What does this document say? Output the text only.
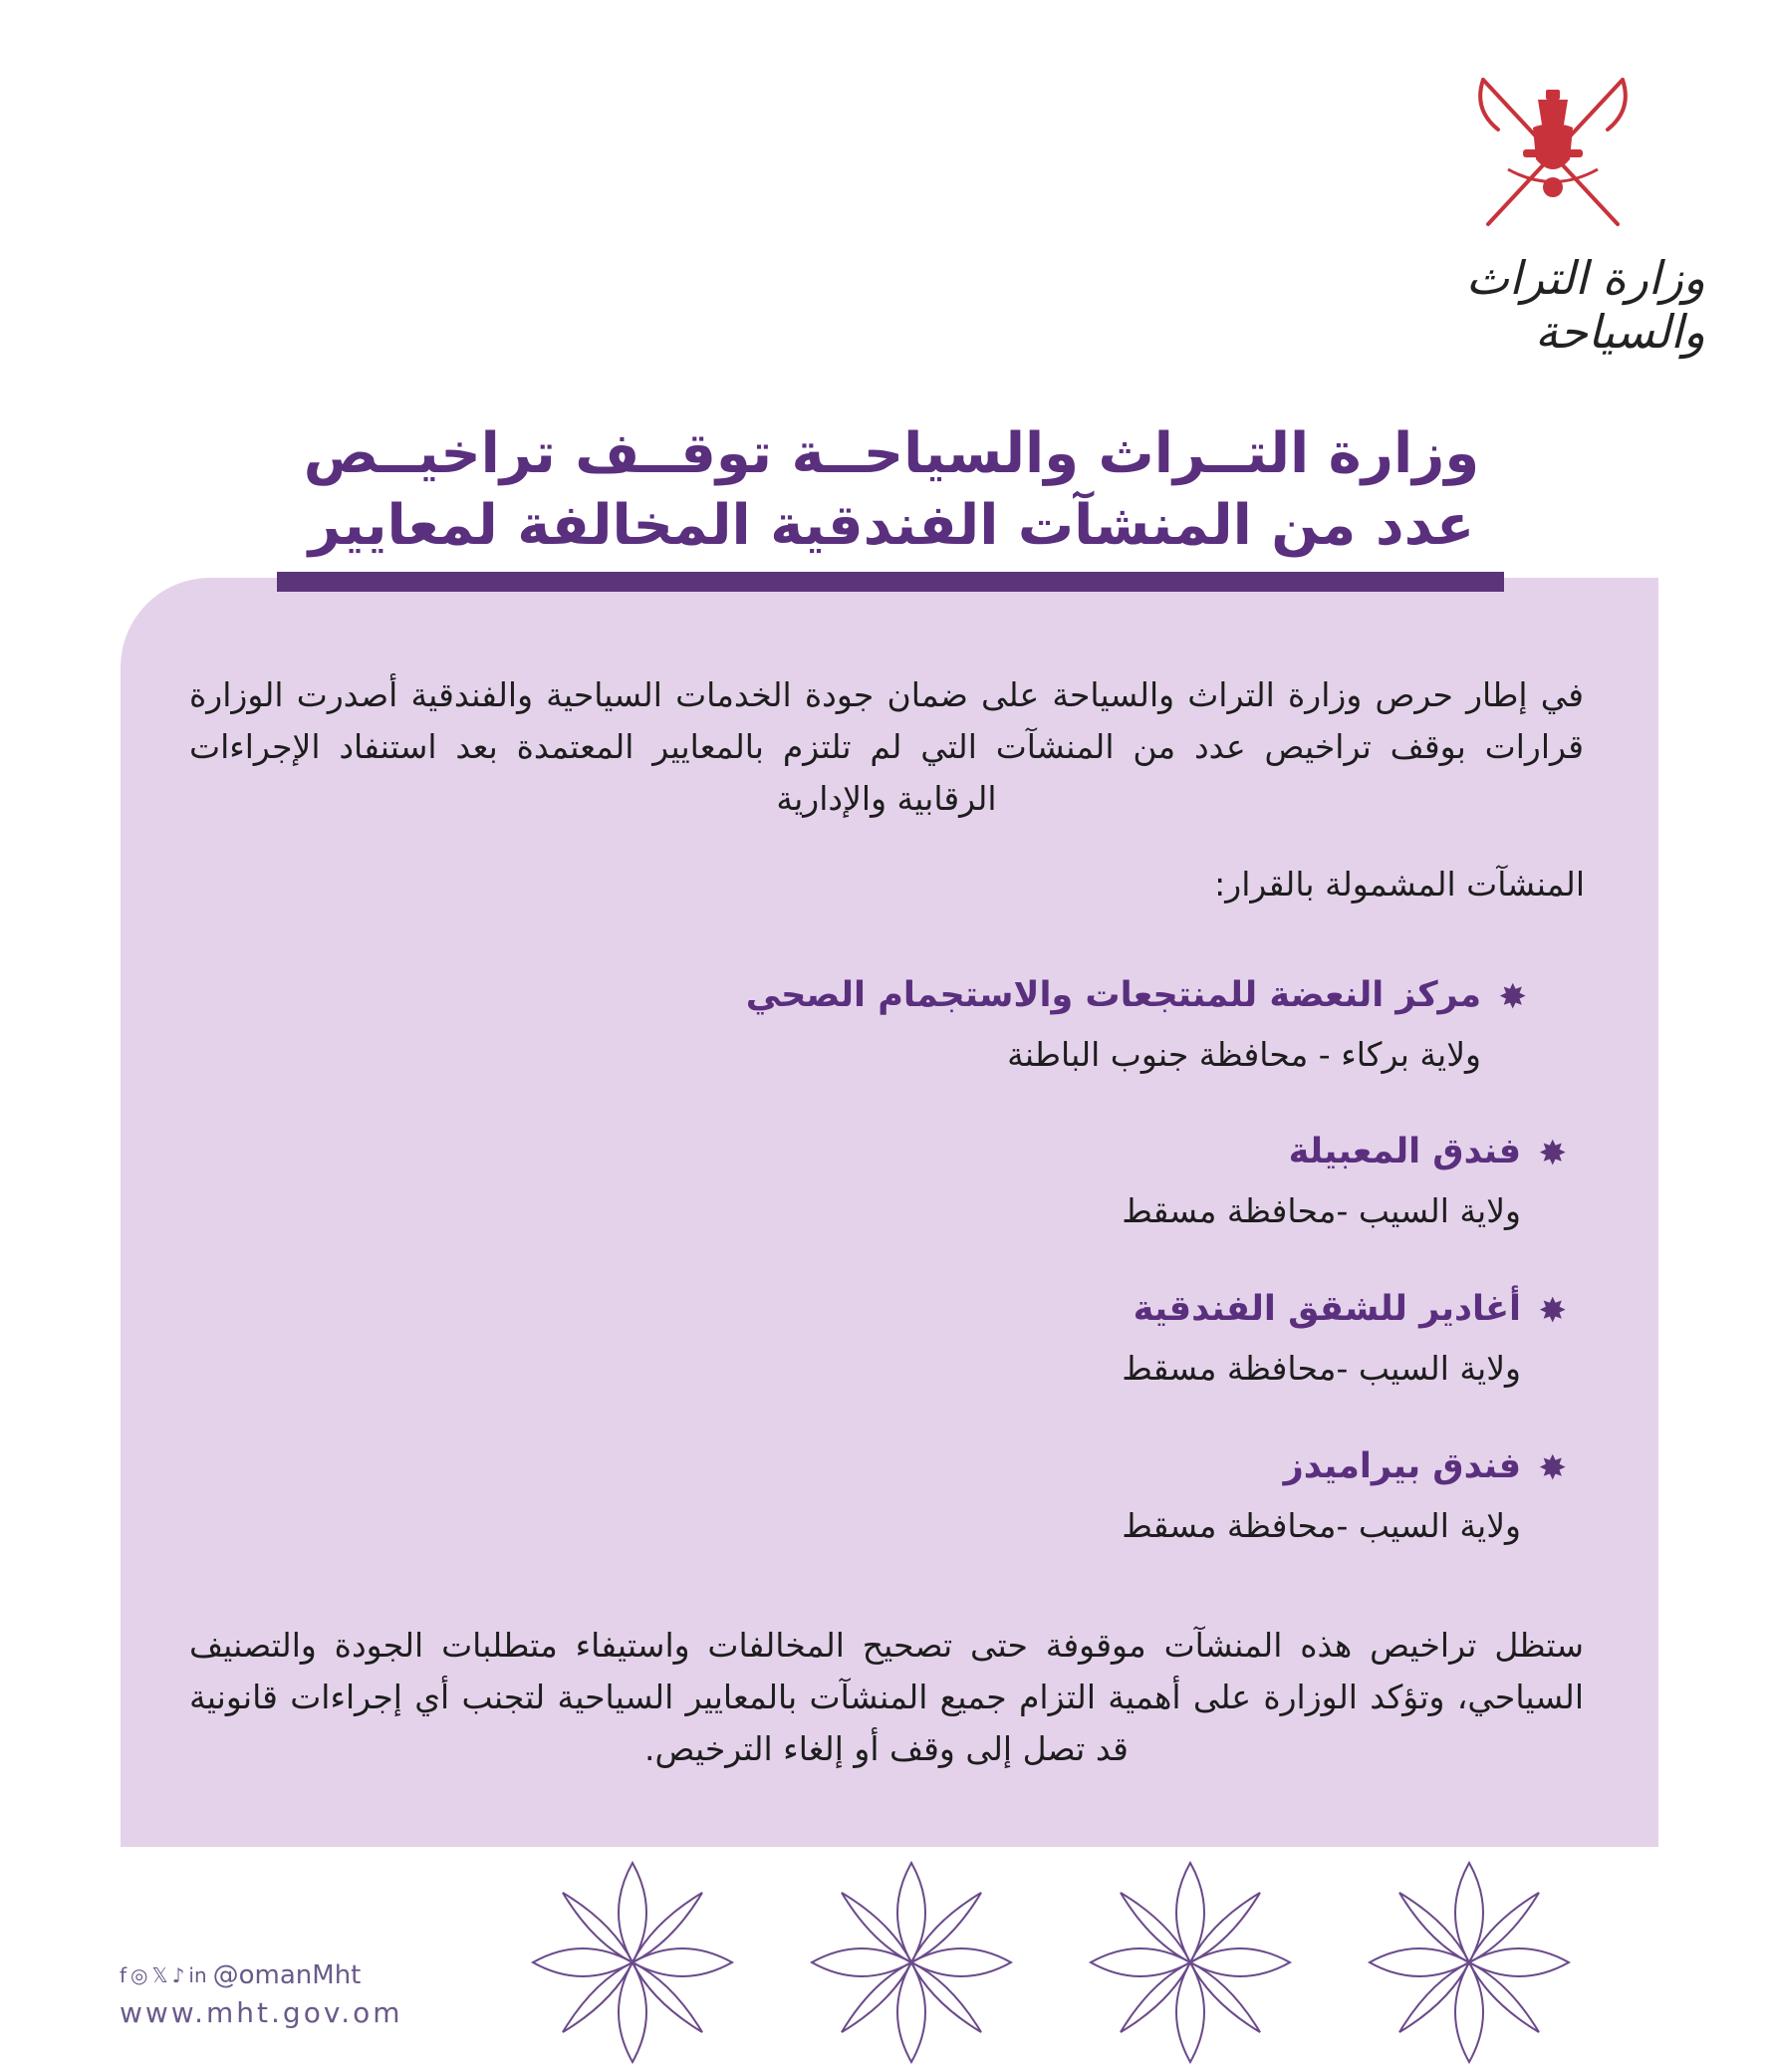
وزارة التراث والسياحة
وزارة التــراث والسياحــة توقــف تراخيــص
عدد من المنشآت الفندقية المخالفة لمعايير
في إطار حرص وزارة التراث والسياحة على ضمان جودة الخدمات السياحية والفندقية أصدرت الوزارة قرارات بوقف تراخيص عدد من المنشآت التي لم تلتزم بالمعايير المعتمدة بعد استنفاد الإجراءات الرقابية والإدارية
المنشآت المشمولة بالقرار:
✸
مركز النعضة للمنتجعات والاستجمام الصحي
ولاية بركاء - محافظة جنوب الباطنة
✸
فندق المعبيلة
ولاية السيب -محافظة مسقط
✸
أغادير للشقق الفندقية
ولاية السيب -محافظة مسقط
✸
فندق بيراميدز
ولاية السيب -محافظة مسقط
ستظل تراخيص هذه المنشآت موقوفة حتى تصحيح المخالفات واستيفاء متطلبات الجودة والتصنيف السياحي، وتؤكد الوزارة على أهمية التزام جميع المنشآت بالمعايير السياحية لتجنب أي إجراءات قانونية قد تصل إلى وقف أو إلغاء الترخيص.
f ◎ 𝕏 ♪ in @omanMht
www.mht.gov.om
